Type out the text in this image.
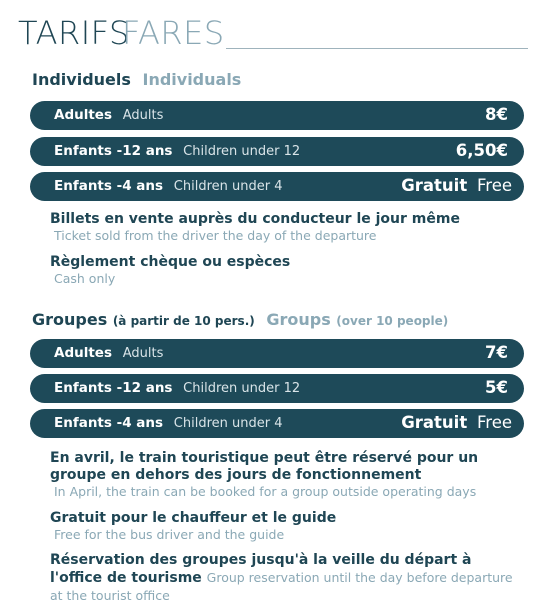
TARIFS
FARES
Individuels Individuals
Adultes Adults	8€
Enfants -12 ans Children under 12	6,50€
Enfants -4 ans Children under 4	Gratuit Free
Billets en vente auprès du conducteur le jour même
Ticket sold from the driver the day of the departure
Règlement chèque ou espèces
Cash only
Groupes (à partir de 10 pers.) Groups (over 10 people)
Adultes Adults	7€
Enfants -12 ans Children under 12	5€
Enfants -4 ans Children under 4	Gratuit Free
En avril, le train touristique peut être réservé pour un groupe en dehors des jours de fonctionnement
In April, the train can be booked for a group outside operating days
Gratuit pour le chauffeur et le guide
Free for the bus driver and the guide
Réservation des groupes jusqu'à la veille du départ à l'office de tourisme Group reservation until the day before departure at the tourist office
